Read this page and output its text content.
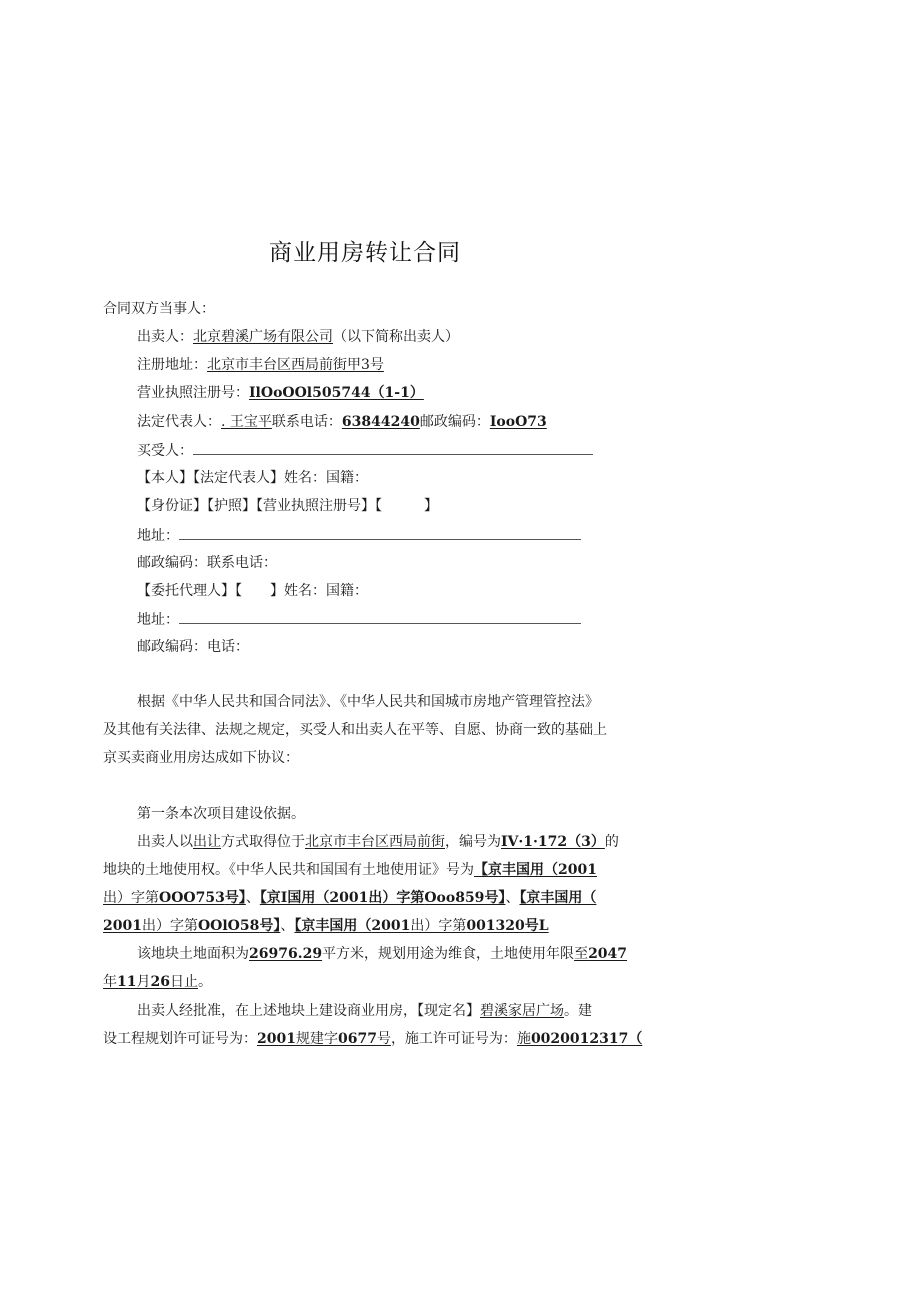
商业用房转让合同
合同双方当事人：
出卖人：北京碧溪广场有限公司（以下简称出卖人）
注册地址：北京市丰台区西局前街甲3号
营业执照注册号：IlOoOOl505744（1-1）
法定代表人：. 王宝平联系电话：63844240邮政编码：IooO73
买受人：
【本人】【法定代表人】姓名：国籍：
【身份证】【护照】【营业执照注册号】【　　　】
地址：
邮政编码：联系电话：
【委托代理人】【　　】姓名：国籍：
地址：
邮政编码：电话：
根据《中华人民共和国合同法》、《中华人民共和国城市房地产管理管控法》
及其他有关法律、法规之规定，买受人和出卖人在平等、自愿、协商一致的基础上
京买卖商业用房达成如下协议：
第一条本次项目建设依据。
出卖人以出让方式取得位于北京市丰台区西局前街，编号为IV·1·172（3）的
地块的土地使用权。《中华人民共和国国有土地使用证》号为【京丰国用（2001
出）字第OOO753号】、【京I国用（2001出）字第Ooo859号】、【京丰国用（
2001出）字第OOlO58号】、【京丰国用（2001出）字第001320号L
该地块土地面积为26976.29平方米，规划用途为维食，土地使用年限至2047
年11月26日止。
出卖人经批准，在上述地块上建设商业用房，【现定名】碧溪家居广场。建
设工程规划许可证号为：2001规建字0677号，施工许可证号为：施0020012317（
